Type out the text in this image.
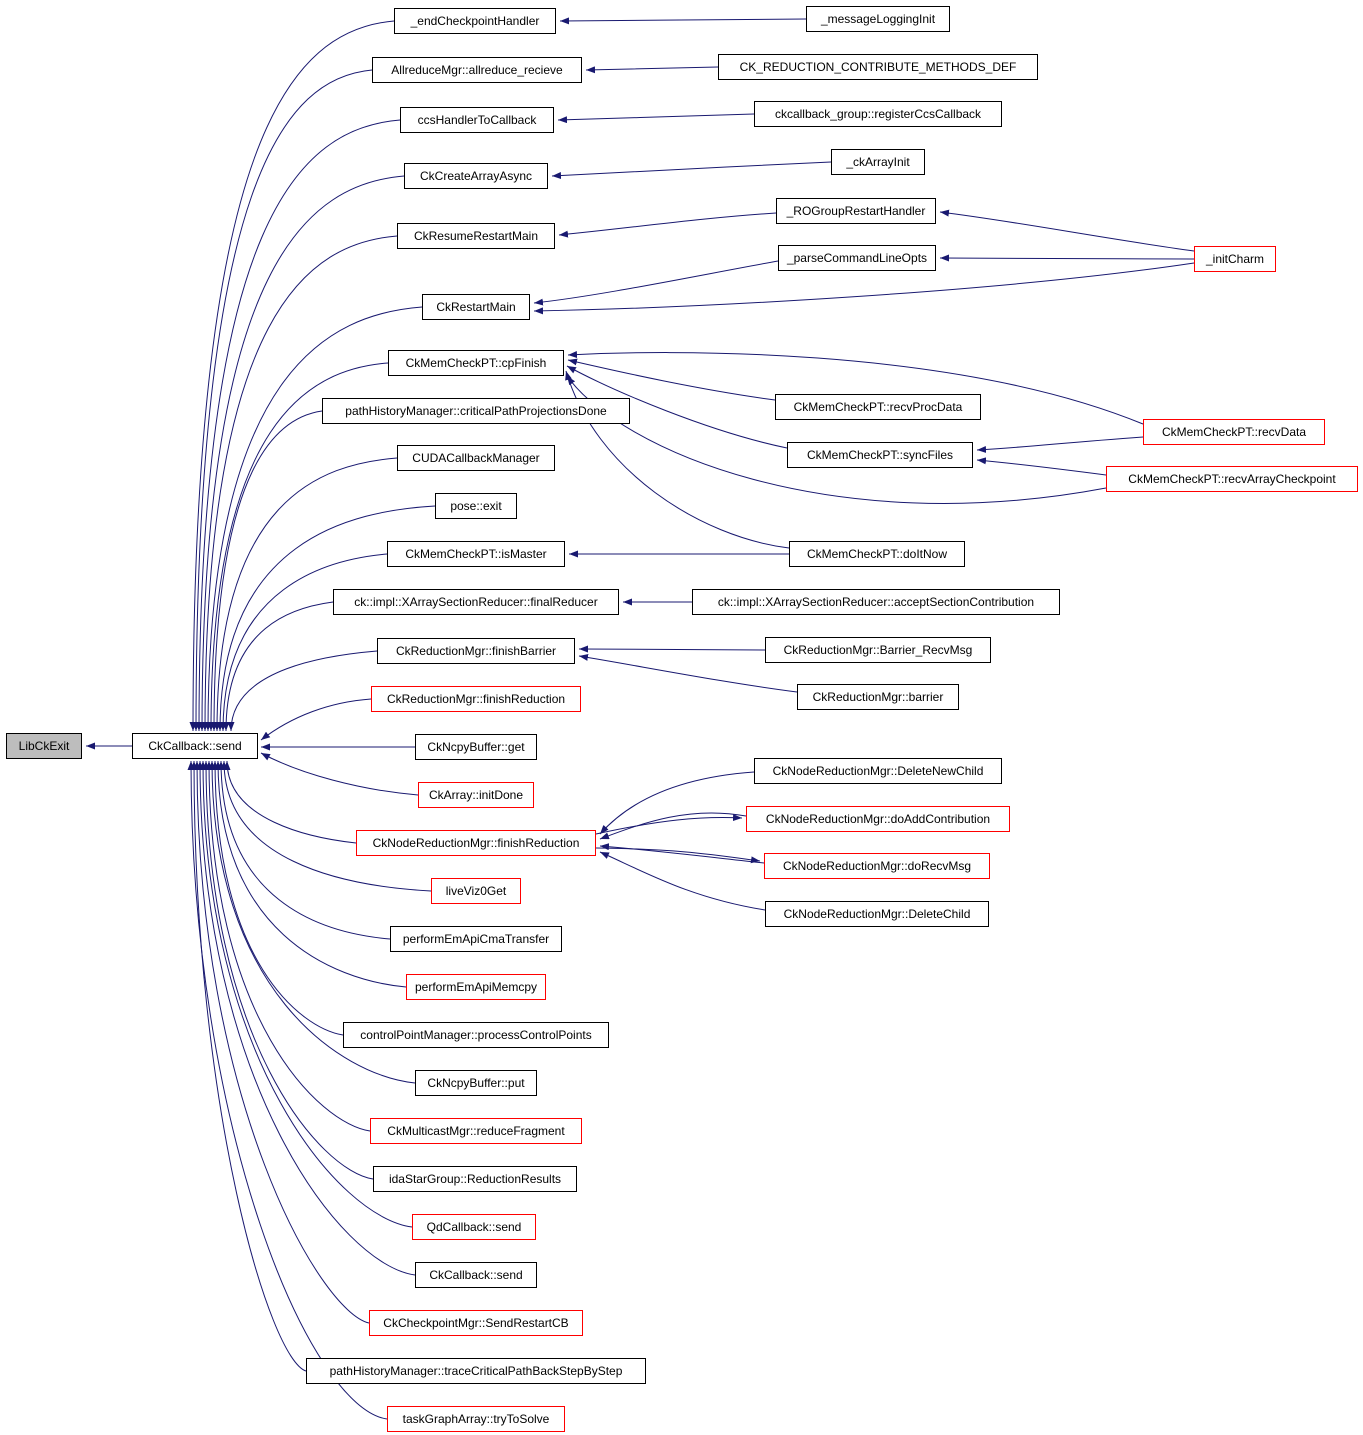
LibCkExit	CkCallback::send
_endCheckpointHandler
AllreduceMgr::allreduce_recieve
ccsHandlerToCallback
CkCreateArrayAsync
CkResumeRestartMain
CkRestartMain
CkMemCheckPT::cpFinish
pathHistoryManager::criticalPathProjectionsDone
CUDACallbackManager
pose::exit
CkMemCheckPT::isMaster
ck::impl::XArraySectionReducer::finalReducer
CkReductionMgr::finishBarrier
CkReductionMgr::finishReduction
CkNcpyBuffer::get
CkArray::initDone
CkNodeReductionMgr::finishReduction
liveViz0Get
performEmApiCmaTransfer
performEmApiMemcpy
controlPointManager::processControlPoints
CkNcpyBuffer::put
CkMulticastMgr::reduceFragment
idaStarGroup::ReductionResults
QdCallback::send
CkCallback::send
CkCheckpointMgr::SendRestartCB
pathHistoryManager::traceCriticalPathBackStepByStep
taskGraphArray::tryToSolve
_messageLoggingInit
CK_REDUCTION_CONTRIBUTE_METHODS_DEF
ckcallback_group::registerCcsCallback
_ckArrayInit
_ROGroupRestartHandler
_parseCommandLineOpts
CkMemCheckPT::recvProcData
CkMemCheckPT::syncFiles
CkMemCheckPT::doItNow
ck::impl::XArraySectionReducer::acceptSectionContribution
CkReductionMgr::Barrier_RecvMsg
CkReductionMgr::barrier
CkNodeReductionMgr::DeleteNewChild
CkNodeReductionMgr::doAddContribution
CkNodeReductionMgr::doRecvMsg
CkNodeReductionMgr::DeleteChild
_initCharm
CkMemCheckPT::recvData
CkMemCheckPT::recvArrayCheckpoint
